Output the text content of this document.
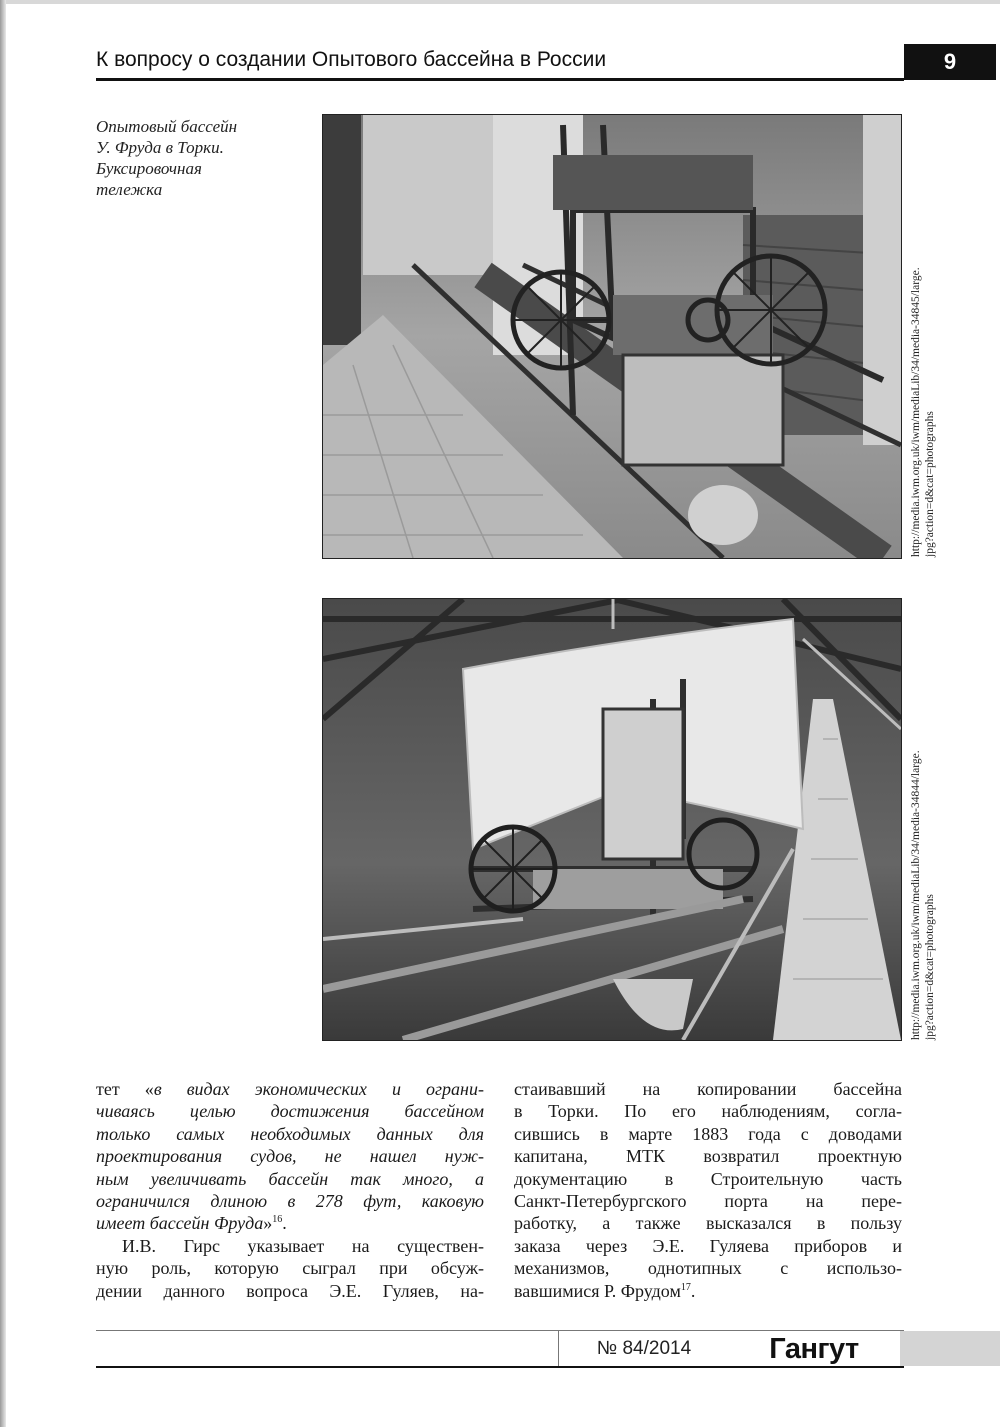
К вопросу о создании Опытового бассейна в России	9
Опытовый бассейн
У. Фруда в Торки.
Буксировочная
тележка
http://media.iwm.org.uk/iwm/mediaLib/34/media-34845/large. jpg?action=d&cat=photographs
http://media.iwm.org.uk/iwm/mediaLib/34/media-34844/large. jpg?action=d&cat=photographs
тет «в видах экономических и ограни-
чиваясь целью достижения бассейном
только самых необходимых данных для
проектирования судов, не нашел нуж-
ным увеличивать бассейн так много, а
ограничился длиною в 278 фут, каковую
имеет бассейн Фруда»$^{16}$.
И.В. Гирс указывает на существен-
ную роль, которую сыграл при обсуж-
дении данного вопроса Э.Е. Гуляев, на-
стаивавший на копировании бассейна
в Торки. По его наблюдениям, согла-
сившись в марте 1883 года с доводами
капитана, МТК возвратил проектную
документацию в Строительную часть
Санкт-Петербургского порта на пере-
работку, а также высказался в пользу
заказа через Э.Е. Гуляева приборов и
механизмов, однотипных с использо-
вавшимися Р. Фрудом$^{17}$.
№ 84/2014	Гангут
